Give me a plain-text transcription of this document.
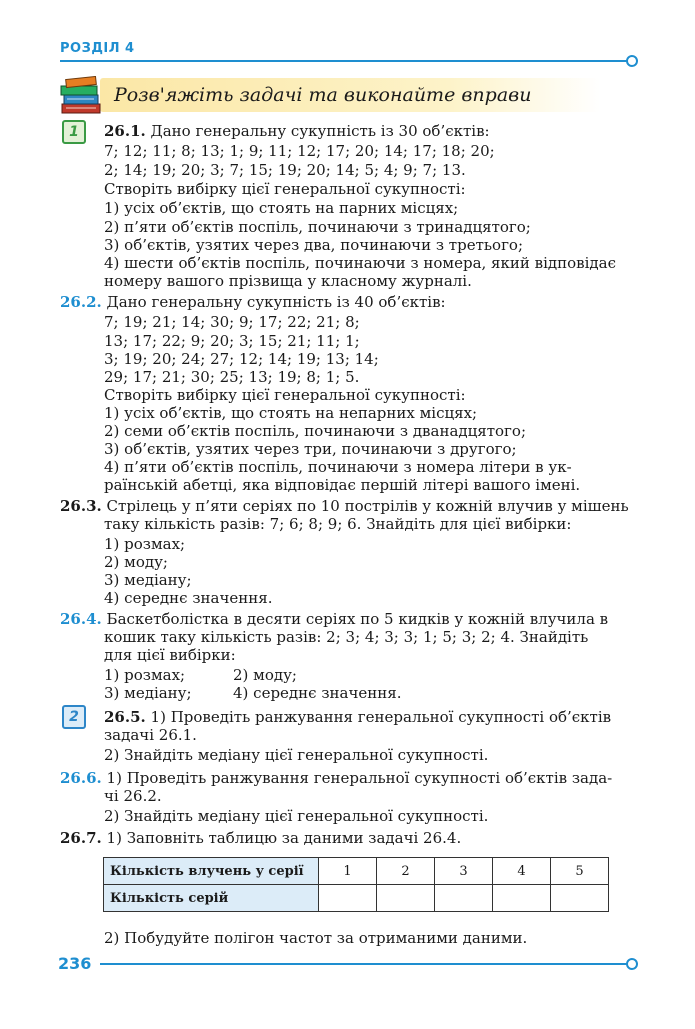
РОЗДІЛ 4
Розв'яжіть задачі та виконайте вправи
1
2
26.1. Дано генеральну сукупність із 30 об’єктів:
7; 12; 11; 8; 13; 1; 9; 11; 12; 17; 20; 14; 17; 18; 20;
2; 14; 19; 20; 3; 7; 15; 19; 20; 14; 5; 4; 9; 7; 13.
Створіть вибірку цієї генеральної сукупності:
1) усіх об’єктів, що стоять на парних місцях;
2) п’яти об’єктів поспіль, починаючи з тринадцятого;
3) об’єктів, узятих через два, починаючи з третього;
4) шести об’єктів поспіль, починаючи з номера, який відповідає
номеру вашого прізвища у класному журналі.
26.2. Дано генеральну сукупність із 40 об’єктів:
7; 19; 21; 14; 30; 9; 17; 22; 21; 8;
13; 17; 22; 9; 20; 3; 15; 21; 11; 1;
3; 19; 20; 24; 27; 12; 14; 19; 13; 14;
29; 17; 21; 30; 25; 13; 19; 8; 1; 5.
Створіть вибірку цієї генеральної сукупності:
1) усіх об’єктів, що стоять на непарних місцях;
2) семи об’єктів поспіль, починаючи з дванадцятого;
3) об’єктів, узятих через три, починаючи з другого;
4) п’яти об’єктів поспіль, починаючи з номера літери в ук-
раїнській абетці, яка відповідає першій літері вашого імені.
26.3. Стрілець у п’яти серіях по 10 пострілів у кожній влучив у мішень
таку кількість разів: 7; 6; 8; 9; 6. Знайдіть для цієї вибірки:
1) розмах;
2) моду;
3) медіану;
4) середнє значення.
26.4. Баскетболістка в десяти серіях по 5 кидків у кожній влучила в
кошик таку кількість разів: 2; 3; 4; 3; 3; 1; 5; 3; 2; 4. Знайдіть
для цієї вибірки:
1) розмах;	2) моду;
3) медіану;	4) середнє значення.
26.5. 1) Проведіть ранжування генеральної сукупності об’єктів
задачі 26.1.
2) Знайдіть медіану цієї генеральної сукупності.
26.6. 1) Проведіть ранжування генеральної сукупності об’єктів зада-
чі 26.2.
2) Знайдіть медіану цієї генеральної сукупності.
26.7. 1) Заповніть таблицю за даними задачі 26.4.
2) Побудуйте полігон частот за отриманими даними.
Кількість влучень у серії	1	2	3	4	5
Кількість серій					
236
